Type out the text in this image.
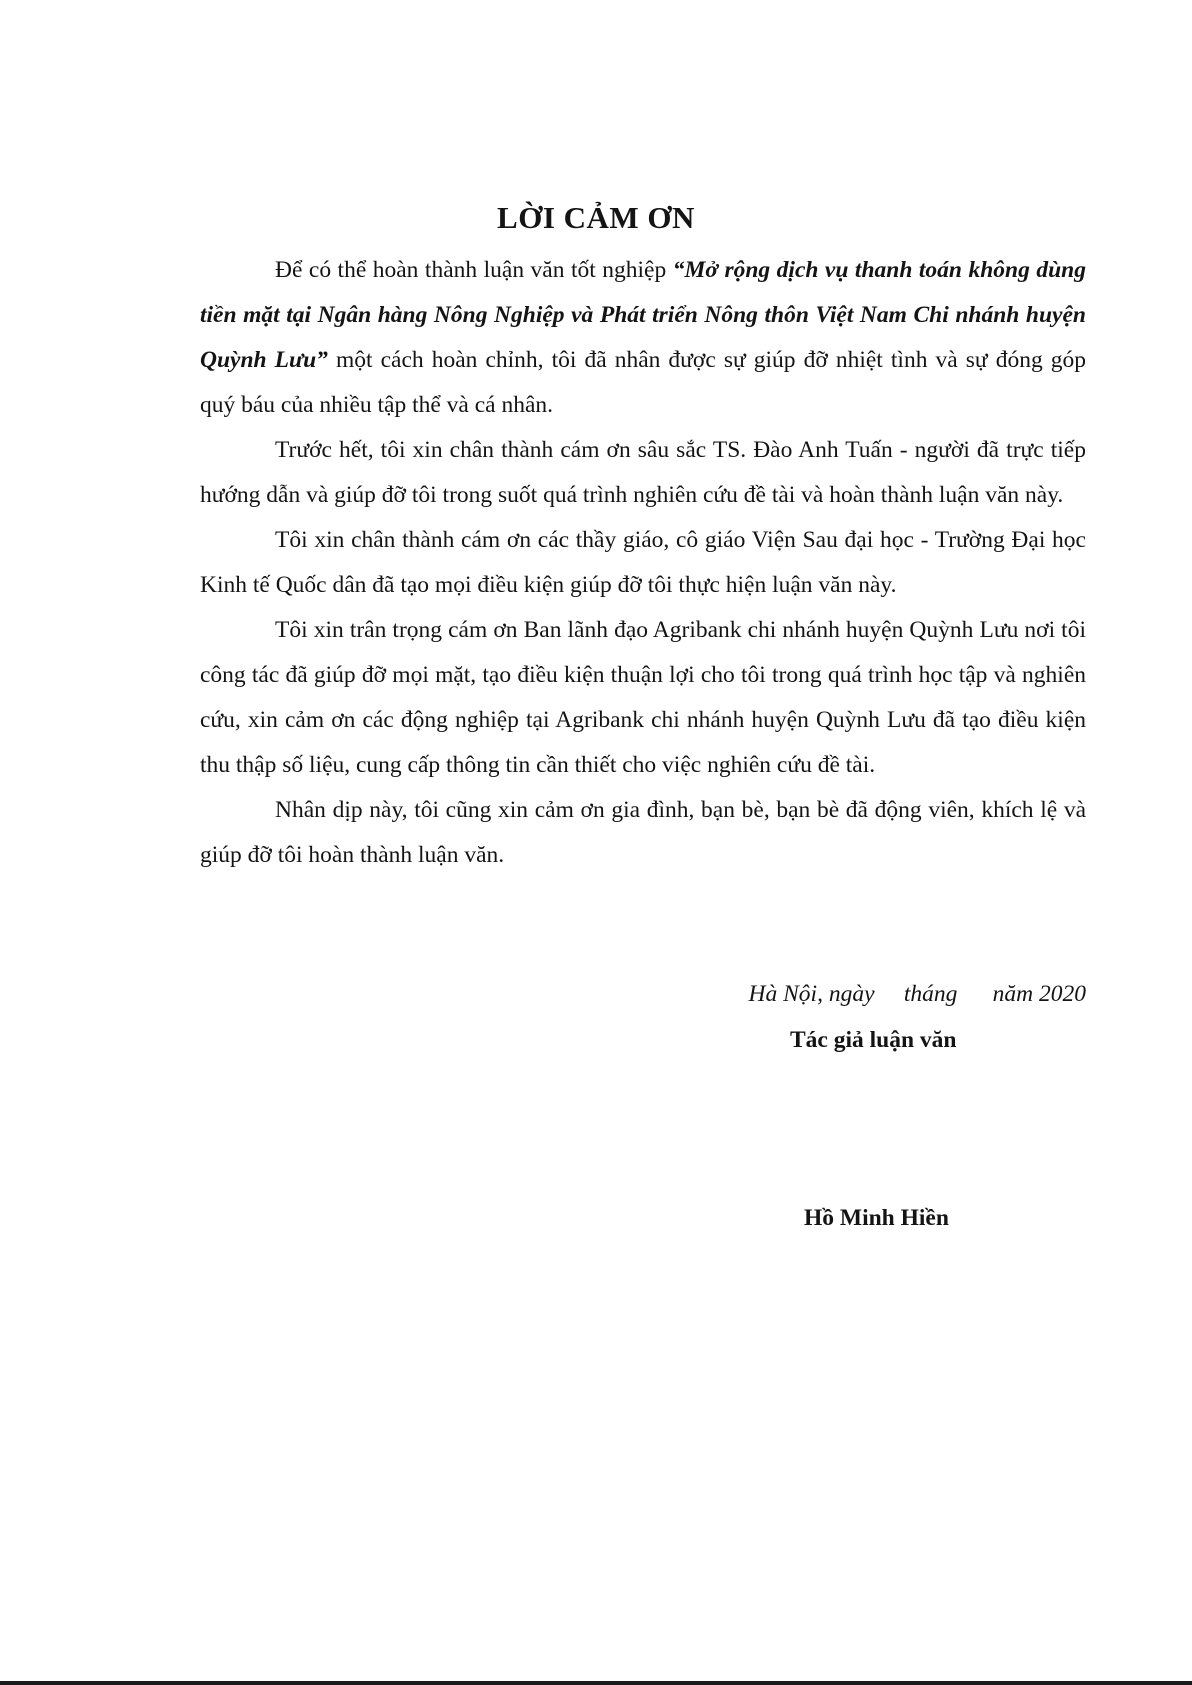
LỜI CẢM ƠN

Để có thể hoàn thành luận văn tốt nghiệp “Mở rộng dịch vụ thanh toán không dùng tiền mặt tại Ngân hàng Nông Nghiệp và Phát triển Nông thôn Việt Nam Chi nhánh huyện Quỳnh Lưu” một cách hoàn chỉnh, tôi đã nhân được sự giúp đỡ nhiệt tình và sự đóng góp quý báu của nhiều tập thể và cá nhân.

Trước hết, tôi xin chân thành cám ơn sâu sắc TS. Đào Anh Tuấn - người đã trực tiếp hướng dẫn và giúp đỡ tôi trong suốt quá trình nghiên cứu đề tài và hoàn thành luận văn này.

Tôi xin chân thành cám ơn các thầy giáo, cô giáo Viện Sau đại học - Trường Đại học Kinh tế Quốc dân đã tạo mọi điều kiện giúp đỡ tôi thực hiện luận văn này.

Tôi xin trân trọng cám ơn Ban lãnh đạo Agribank chi nhánh huyện Quỳnh Lưu nơi tôi công tác đã giúp đỡ mọi mặt, tạo điều kiện thuận lợi cho tôi trong quá trình học tập và nghiên cứu, xin cảm ơn các động nghiệp tại Agribank chi nhánh huyện Quỳnh Lưu đã tạo điều kiện thu thập số liệu, cung cấp thông tin cần thiết cho việc nghiên cứu đề tài.

Nhân dịp này, tôi cũng xin cảm ơn gia đình, bạn bè, bạn bè đã động viên, khích lệ và giúp đỡ tôi hoàn thành luận văn.

Hà Nội, ngày     tháng      năm 2020
Tác giả luận văn
Hồ Minh Hiền
